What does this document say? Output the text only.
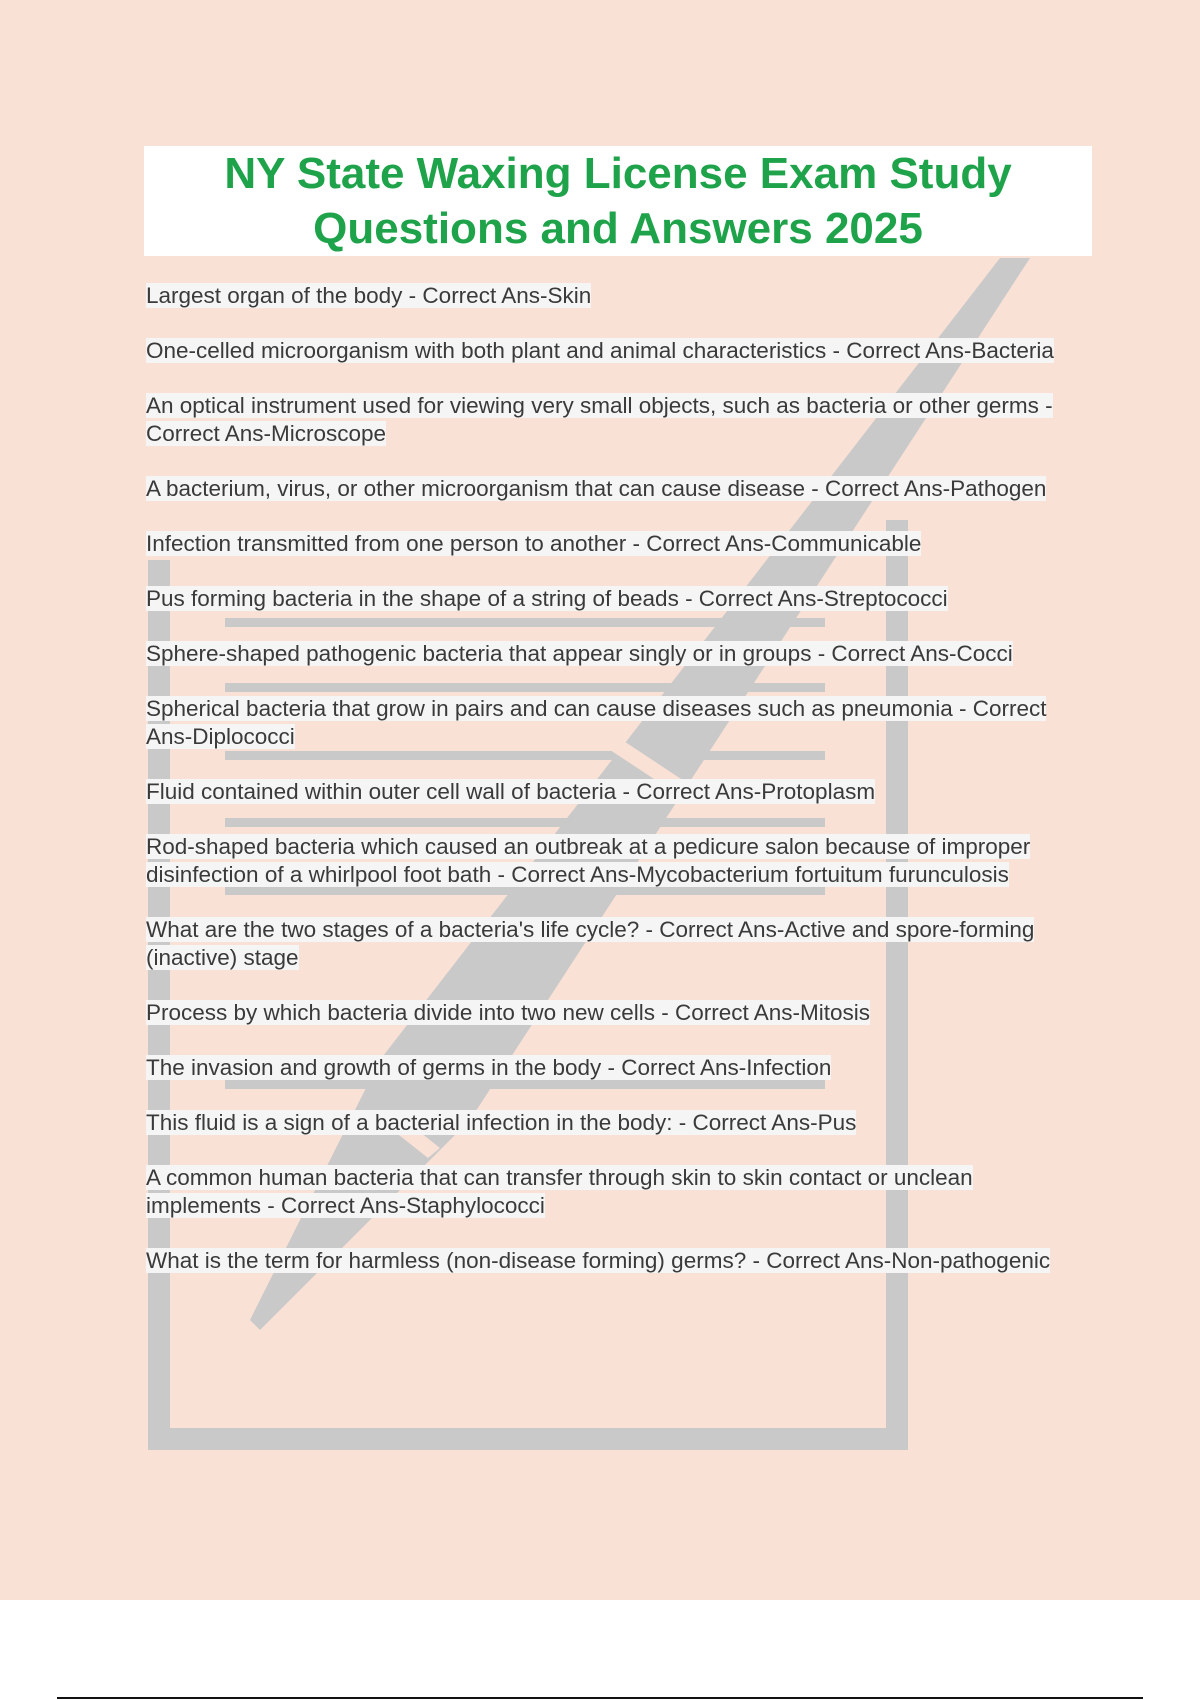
NY State Waxing License Exam Study Questions and Answers 2025
Largest organ of the body - Correct Ans-Skin
One-celled microorganism with both plant and animal characteristics - Correct Ans-Bacteria
An optical instrument used for viewing very small objects, such as bacteria or other germs - Correct Ans-Microscope
A bacterium, virus, or other microorganism that can cause disease - Correct Ans-Pathogen
Infection transmitted from one person to another - Correct Ans-Communicable
Pus forming bacteria in the shape of a string of beads - Correct Ans-Streptococci
Sphere-shaped pathogenic bacteria that appear singly or in groups - Correct Ans-Cocci
Spherical bacteria that grow in pairs and can cause diseases such as pneumonia - Correct Ans-Diplococci
Fluid contained within outer cell wall of bacteria - Correct Ans-Protoplasm
Rod-shaped bacteria which caused an outbreak at a pedicure salon because of improper disinfection of a whirlpool foot bath - Correct Ans-Mycobacterium fortuitum furunculosis
What are the two stages of a bacteria's life cycle? - Correct Ans-Active and spore-forming (inactive) stage
Process by which bacteria divide into two new cells - Correct Ans-Mitosis
The invasion and growth of germs in the body - Correct Ans-Infection
This fluid is a sign of a bacterial infection in the body: - Correct Ans-Pus
A common human bacteria that can transfer through skin to skin contact or unclean implements - Correct Ans-Staphylococci
What is the term for harmless (non-disease forming) germs? - Correct Ans-Non-pathogenic
